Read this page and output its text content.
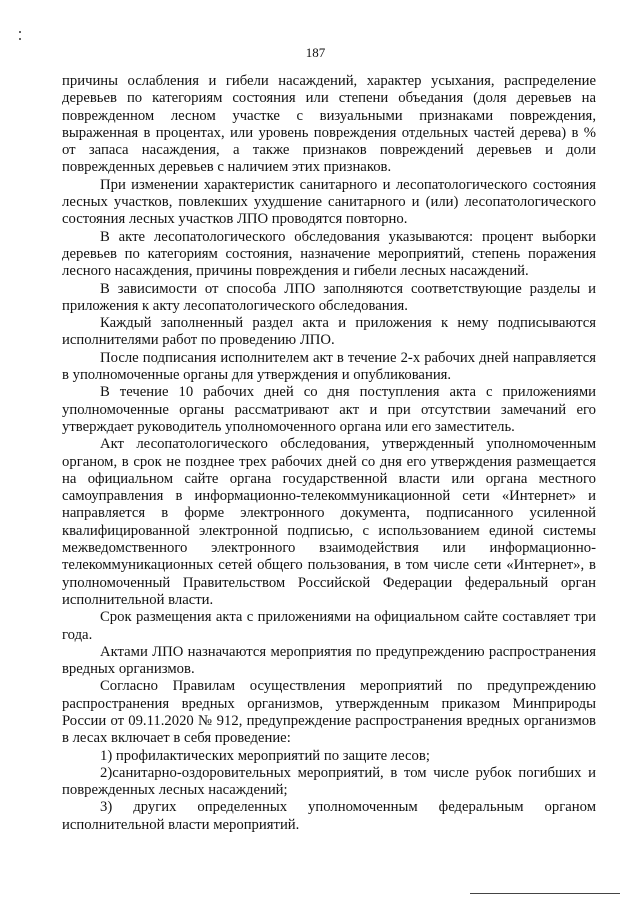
187

причины ослабления и гибели насаждений, характер усыхания, распределение деревьев по категориям состояния или степени объедания (доля деревьев на поврежденном лесном участке с визуальными признаками повреждения, выраженная в процентах, или уровень повреждения отдельных частей дерева) в % от запаса насаждения, а также признаков повреждений деревьев и доли поврежденных деревьев с наличием этих признаков.

При изменении характеристик санитарного и лесопатологического состояния лесных участков, повлекших ухудшение санитарного и (или) лесопатологического состояния лесных участков ЛПО проводятся повторно.

В акте лесопатологического обследования указываются: процент выборки деревьев по категориям состояния, назначение мероприятий, степень поражения лесного насаждения, причины повреждения и гибели лесных насаждений.

В зависимости от способа ЛПО заполняются соответствующие разделы и приложения к акту лесопатологического обследования.

Каждый заполненный раздел акта и приложения к нему подписываются исполнителями работ по проведению ЛПО.

После подписания исполнителем акт в течение 2-х рабочих дней направляется в уполномоченные органы для утверждения и опубликования.

В течение 10 рабочих дней со дня поступления акта с приложениями уполномоченные органы рассматривают акт и при отсутствии замечаний его утверждает руководитель уполномоченного органа или его заместитель.

Акт лесопатологического обследования, утвержденный уполномоченным органом, в срок не позднее трех рабочих дней со дня его утверждения размещается на официальном сайте органа государственной власти или органа местного самоуправления в информационно-телекоммуникационной сети «Интернет» и направляется в форме электронного документа, подписанного усиленной квалифицированной электронной подписью, с использованием единой системы межведомственного электронного взаимодействия или информационно-телекоммуникационных сетей общего пользования, в том числе сети «Интернет», в уполномоченный Правительством Российской Федерации федеральный орган исполнительной власти.

Срок размещения акта с приложениями на официальном сайте составляет три года.

Актами ЛПО назначаются мероприятия по предупреждению распространения вредных организмов.

Согласно Правилам осуществления мероприятий по предупреждению распространения вредных организмов, утвержденным приказом Минприроды России от 09.11.2020 № 912, предупреждение распространения вредных организмов в лесах включает в себя проведение:

1) профилактических мероприятий по защите лесов;

2)санитарно-оздоровительных мероприятий, в том числе рубок погибших и поврежденных лесных насаждений;

3) других определенных уполномоченным федеральным органом исполнительной власти мероприятий.
